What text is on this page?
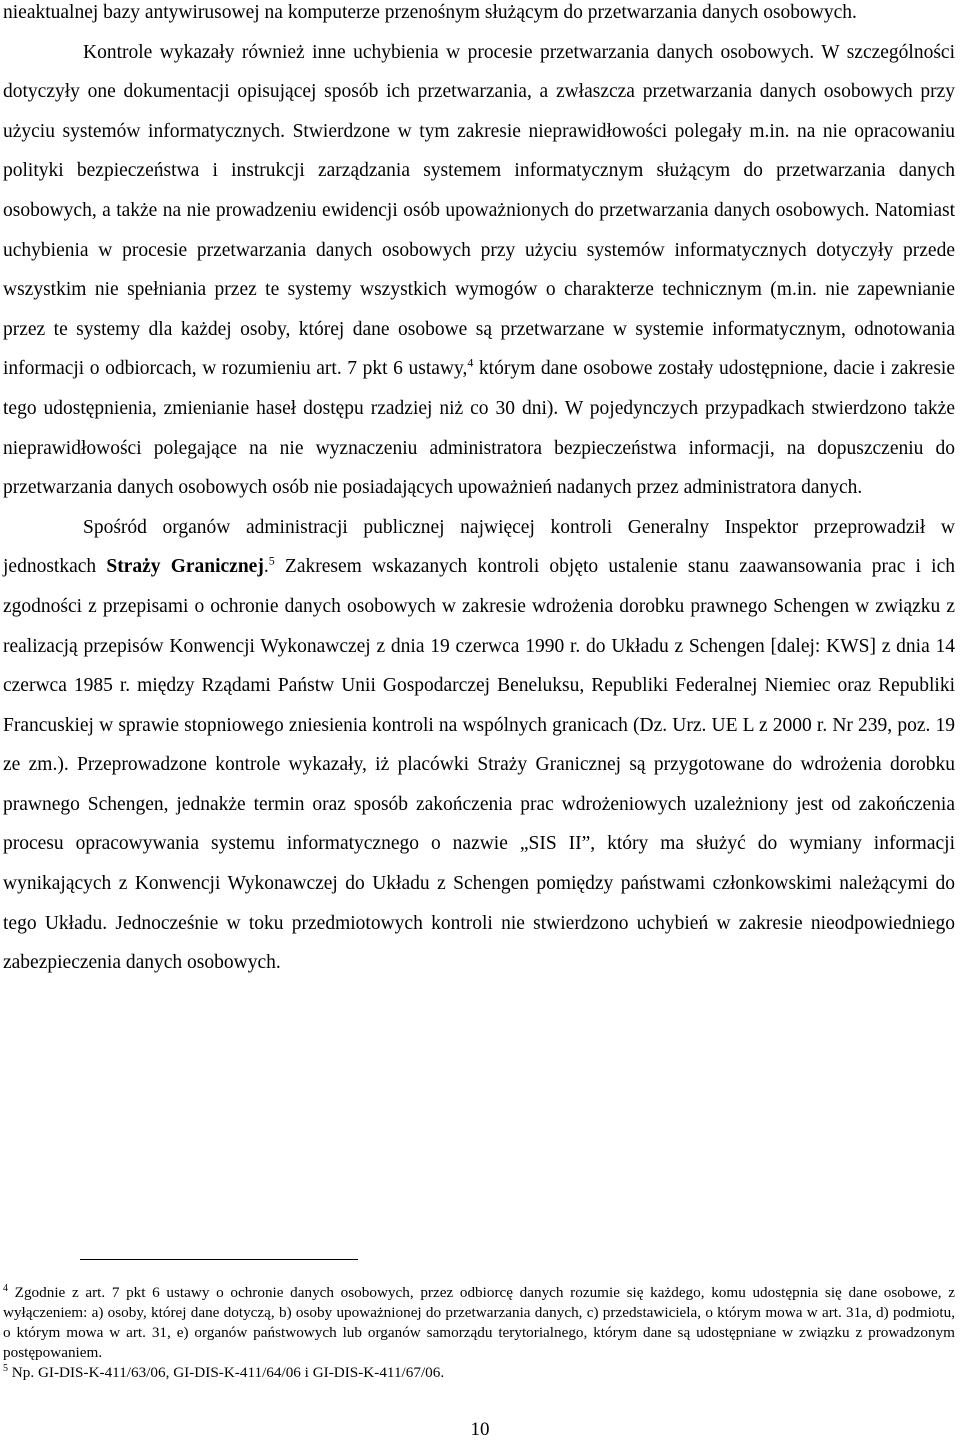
nieaktualnej bazy antywirusowej na komputerze przenośnym służącym do przetwarzania danych osobowych.

Kontrole wykazały również inne uchybienia w procesie przetwarzania danych osobowych. W szczególności dotyczyły one dokumentacji opisującej sposób ich przetwarzania, a zwłaszcza przetwarzania danych osobowych przy użyciu systemów informatycznych. Stwierdzone w tym zakresie nieprawidłowości polegały m.in. na nie opracowaniu polityki bezpieczeństwa i instrukcji zarządzania systemem informatycznym służącym do przetwarzania danych osobowych, a także na nie prowadzeniu ewidencji osób upoważnionych do przetwarzania danych osobowych. Natomiast uchybienia w procesie przetwarzania danych osobowych przy użyciu systemów informatycznych dotyczyły przede wszystkim nie spełniania przez te systemy wszystkich wymogów o charakterze technicznym (m.in. nie zapewnianie przez te systemy dla każdej osoby, której dane osobowe są przetwarzane w systemie informatycznym, odnotowania informacji o odbiorcach, w rozumieniu art. 7 pkt 6 ustawy,$^4$ którym dane osobowe zostały udostępnione, dacie i zakresie tego udostępnienia, zmienianie haseł dostępu rzadziej niż co 30 dni). W pojedynczych przypadkach stwierdzono także nieprawidłowości polegające na nie wyznaczeniu administratora bezpieczeństwa informacji, na dopuszczeniu do przetwarzania danych osobowych osób nie posiadających upoważnień nadanych przez administratora danych.

Spośród organów administracji publicznej najwięcej kontroli Generalny Inspektor przeprowadził w jednostkach Straży Granicznej.$^5$ Zakresem wskazanych kontroli objęto ustalenie stanu zaawansowania prac i ich zgodności z przepisami o ochronie danych osobowych w zakresie wdrożenia dorobku prawnego Schengen w związku z realizacją przepisów Konwencji Wykonawczej z dnia 19 czerwca 1990 r. do Układu z Schengen [dalej: KWS] z dnia 14 czerwca 1985 r. między Rządami Państw Unii Gospodarczej Beneluksu, Republiki Federalnej Niemiec oraz Republiki Francuskiej w sprawie stopniowego zniesienia kontroli na wspólnych granicach (Dz. Urz. UE L z 2000 r. Nr 239, poz. 19 ze zm.). Przeprowadzone kontrole wykazały, iż placówki Straży Granicznej są przygotowane do wdrożenia dorobku prawnego Schengen, jednakże termin oraz sposób zakończenia prac wdrożeniowych uzależniony jest od zakończenia procesu opracowywania systemu informatycznego o nazwie „SIS II”, który ma służyć do wymiany informacji wynikających z Konwencji Wykonawczej do Układu z Schengen pomiędzy państwami członkowskimi należącymi do tego Układu. Jednocześnie w toku przedmiotowych kontroli nie stwierdzono uchybień w zakresie nieodpowiedniego zabezpieczenia danych osobowych.

$^4$ Zgodnie z art. 7 pkt 6 ustawy o ochronie danych osobowych, przez odbiorcę danych rozumie się każdego, komu udostępnia się dane osobowe, z wyłączeniem: a) osoby, której dane dotyczą, b) osoby upoważnionej do przetwarzania danych, c) przedstawiciela, o którym mowa w art. 31a, d) podmiotu, o którym mowa w art. 31, e) organów państwowych lub organów samorządu terytorialnego, którym dane są udostępniane w związku z prowadzonym postępowaniem.

$^5$ Np. GI-DIS-K-411/63/06, GI-DIS-K-411/64/06 i GI-DIS-K-411/67/06.

10
